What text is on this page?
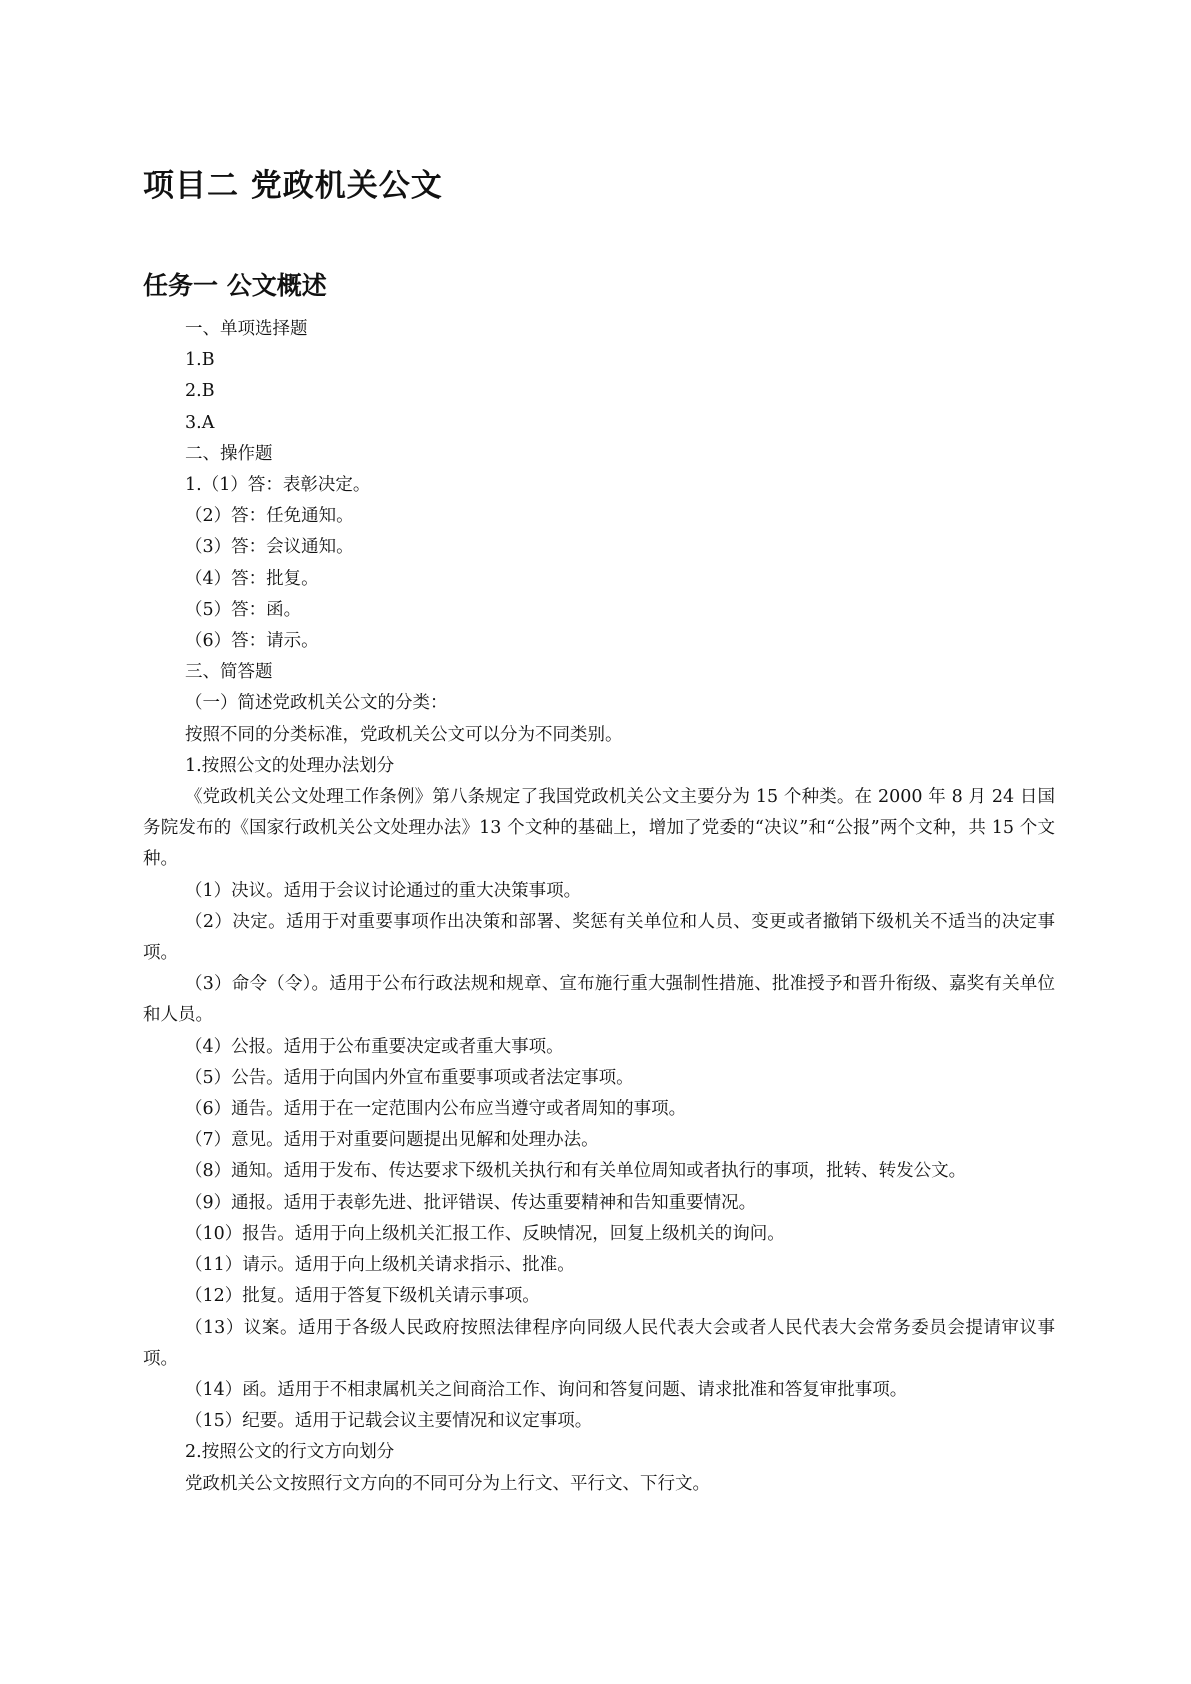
项目二 党政机关公文
任务一 公文概述

一、单项选择题

1.B

2.B

3.A

二、操作题

1.（1）答：表彰决定。

（2）答：任免通知。

（3）答：会议通知。

（4）答：批复。

（5）答：函。

（6）答：请示。

三、简答题

（一）简述党政机关公文的分类：

按照不同的分类标准，党政机关公文可以分为不同类别。

1.按照公文的处理办法划分

《党政机关公文处理工作条例》第八条规定了我国党政机关公文主要分为 15 个种类。在 2000 年 8 月 24 日国务院发布的《国家行政机关公文处理办法》13 个文种的基础上，增加了党委的“决议”和“公报”两个文种，共 15 个文种。

（1）决议。适用于会议讨论通过的重大决策事项。

（2）决定。适用于对重要事项作出决策和部署、奖惩有关单位和人员、变更或者撤销下级机关不适当的决定事项。

（3）命令（令）。适用于公布行政法规和规章、宣布施行重大强制性措施、批准授予和晋升衔级、嘉奖有关单位和人员。

（4）公报。适用于公布重要决定或者重大事项。

（5）公告。适用于向国内外宣布重要事项或者法定事项。

（6）通告。适用于在一定范围内公布应当遵守或者周知的事项。

（7）意见。适用于对重要问题提出见解和处理办法。

（8）通知。适用于发布、传达要求下级机关执行和有关单位周知或者执行的事项，批转、转发公文。

（9）通报。适用于表彰先进、批评错误、传达重要精神和告知重要情况。

（10）报告。适用于向上级机关汇报工作、反映情况，回复上级机关的询问。

（11）请示。适用于向上级机关请求指示、批准。

（12）批复。适用于答复下级机关请示事项。

（13）议案。适用于各级人民政府按照法律程序向同级人民代表大会或者人民代表大会常务委员会提请审议事项。

（14）函。适用于不相隶属机关之间商洽工作、询问和答复问题、请求批准和答复审批事项。

（15）纪要。适用于记载会议主要情况和议定事项。

2.按照公文的行文方向划分

党政机关公文按照行文方向的不同可分为上行文、平行文、下行文。
